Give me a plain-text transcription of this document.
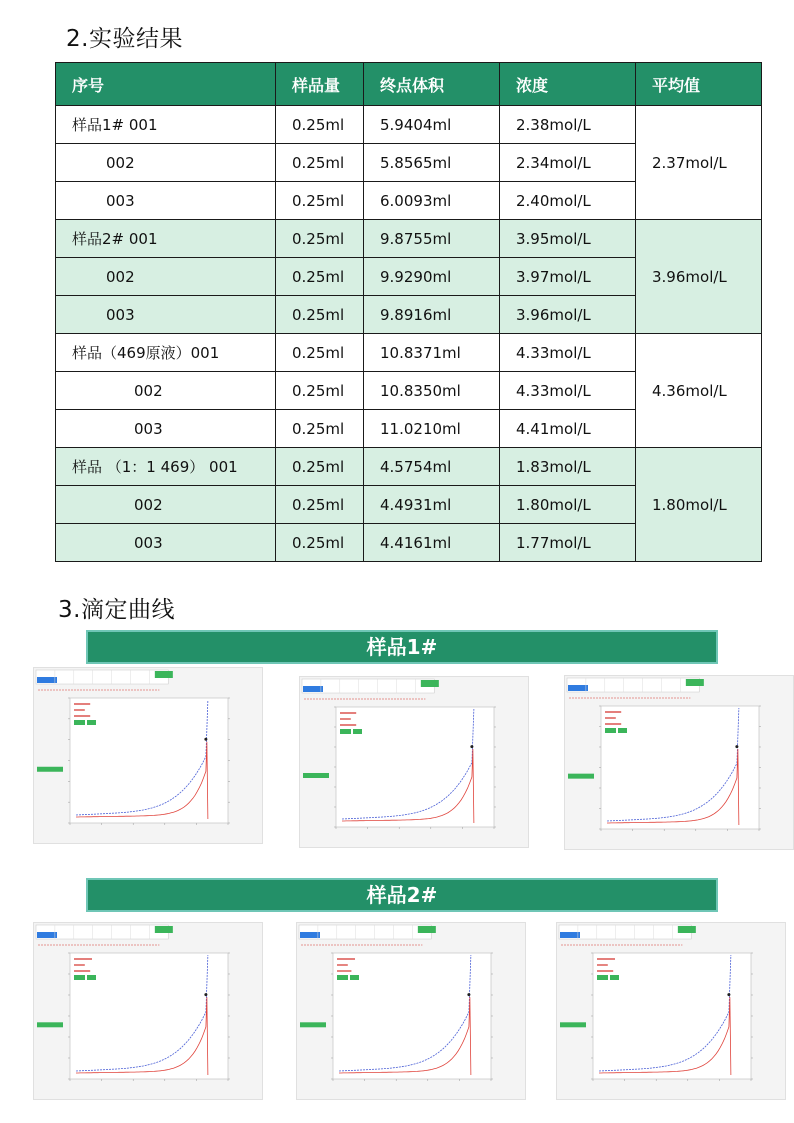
2.实验结果
序号	样品量	终点体积	浓度	平均值
样品1# 001	0.25ml	5.9404ml	2.38mol/L	2.37mol/L
002	0.25ml	5.8565ml	2.34mol/L	
003	0.25ml	6.0093ml	2.40mol/L	
样品2# 001	0.25ml	9.8755ml	3.95mol/L	3.96mol/L
002	0.25ml	9.9290ml	3.97mol/L	
003	0.25ml	9.8916ml	3.96mol/L	
样品（469原液）001	0.25ml	10.8371ml	4.33mol/L	4.36mol/L
002	0.25ml	10.8350ml	4.33mol/L	
003	0.25ml	11.0210ml	4.41mol/L	
样品 （1：1 469） 001	0.25ml	4.5754ml	1.83mol/L	1.80mol/L
002	0.25ml	4.4931ml	1.80mol/L	
003	0.25ml	4.4161ml	1.77mol/L	
3.滴定曲线
样品1#
样品2#
